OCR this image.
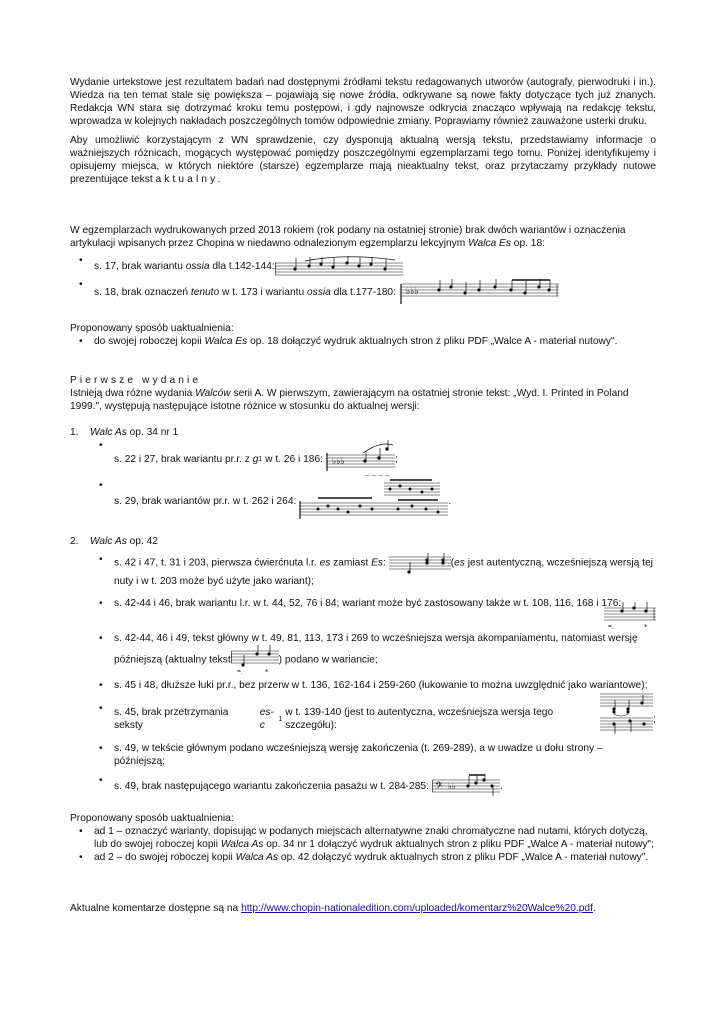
Wydanie urtekstowe jest rezultatem badań nad dostępnymi źródłami tekstu redagowanych utworów (autografy, pierwodruki i in.). Wiedza na ten temat stale się powiększa – pojawiają się nowe źródła, odkrywane są nowe fakty dotyczące tych już znanych. Redakcja WN stara się dotrzymać kroku temu postępowi, i gdy najnowsze odkrycia znacząco wpływają na redakcję tekstu, wprowadza w kolejnych nakładach poszczególnych tomów odpowiednie zmiany. Poprawiamy również zauważone usterki druku.

Aby umożliwić korzystającym z WN sprawdzenie, czy dysponują aktualną wersją tekstu, przedstawiamy informacje o ważniejszych różnicach, mogących występować pomiędzy poszczególnymi egzemplarzami tego tomu. Poniżej identyfikujemy i opisujemy miejsca, w których niektóre (starsze) egzemplarze mają nieaktualny tekst, oraz przytaczamy przykłady nutowe prezentujące tekst aktualny.

W egzemplarzach wydrukowanych przed 2013 rokiem (rok podany na ostatniej stronie) brak dwóch wariantów i oznaczenia artykulacji wpisanych przez Chopina w niedawno odnalezionym egzemplarzu lekcyjnym Walca Es op. 18:

• s. 17, brak wariantu
ossia
dla t.142-144:
• s. 18, brak oznaczeń
tenuto
w t. 173 i wariantu
ossia
dla t.177-180: ♭♭♭

Proponowany sposób uaktualnienia:

• do swojej roboczej kopii Walca Es op. 18 dołączyć wydruk aktualnych stron z pliku PDF „Walce A - materiał nutowy".

Pierwsze wydanie

Istnieją dwa różne wydania Walców serii A. W pierwszym, zawierającym na ostatniej stronie tekst: „Wyd. I. Printed in Poland 1999.", występują następujące istotne różnice w stosunku do aktualnej wersji:

1. Walc As op. 34 nr 1

• s. 22 i 27, brak wariantu pr.r. z
g 1
w t. 26 i 186: ♭♭♭
— — — —
;
• s. 29, brak wariantów pr.r. w t. 262 i 264:	.

2. Walc As op. 42

• s. 42 i 47, t. 31 i 203, pierwsza ćwierćnuta l.r. es zamiast Es:	(es jest autentyczną, wcześniejszą wersją tej nuty i w t. 203 może być użyte jako wariant);
• s. 42-44 i 46, brak wariantu l.r. w t. 44, 52, 76 i 84; wariant może być zastosowany także w t. 108, 116, 168 i 176:
𝆮.	*
• s. 42-44, 46 i 49, tekst główny w t. 49, 81, 113, 173 i 269 to wcześniejsza wersja akompaniamentu, natomiast wersję późniejszą (aktualny tekst
𝆮.	*
) podano w wariancie;
• s. 45 i 48, dłuższe łuki pr.r., bez przerw w t. 136, 162-164 i 259-260 (łukowanie to można uwzględnić jako wariantowe);
• s. 45, brak przetrzymania seksty

es-c
1

w t. 139-140 (jest to autentyczna, wcześniejsza wersja tego szczegółu):
;
• s. 49, w tekście głównym podano wcześniejszą wersję zakończenia (t. 269-289), a w uwadze u dołu strony – późniejszą;
• s. 49, brak następującego wariantu zakończenia pasażu w t. 284-285: 𝄢 ♭♭	.

Proponowany sposób uaktualnienia:

• ad 1 – oznaczyć warianty, dopisując w podanych miejscach alternatywne znaki chromatyczne nad nutami, których dotyczą, lub do swojej roboczej kopii Walca As op. 34 nr 1 dołączyć wydruk aktualnych stron z pliku PDF „Walce A - materiał nutowy";
• ad 2 – do swojej roboczej kopii Walca As op. 42 dołączyć wydruk aktualnych stron z pliku PDF „Walce A - materiał nutowy".

Aktualne komentarze dostępne są na http://www.chopin-nationaledition.com/uploaded/komentarz%20Walce%20.pdf.
